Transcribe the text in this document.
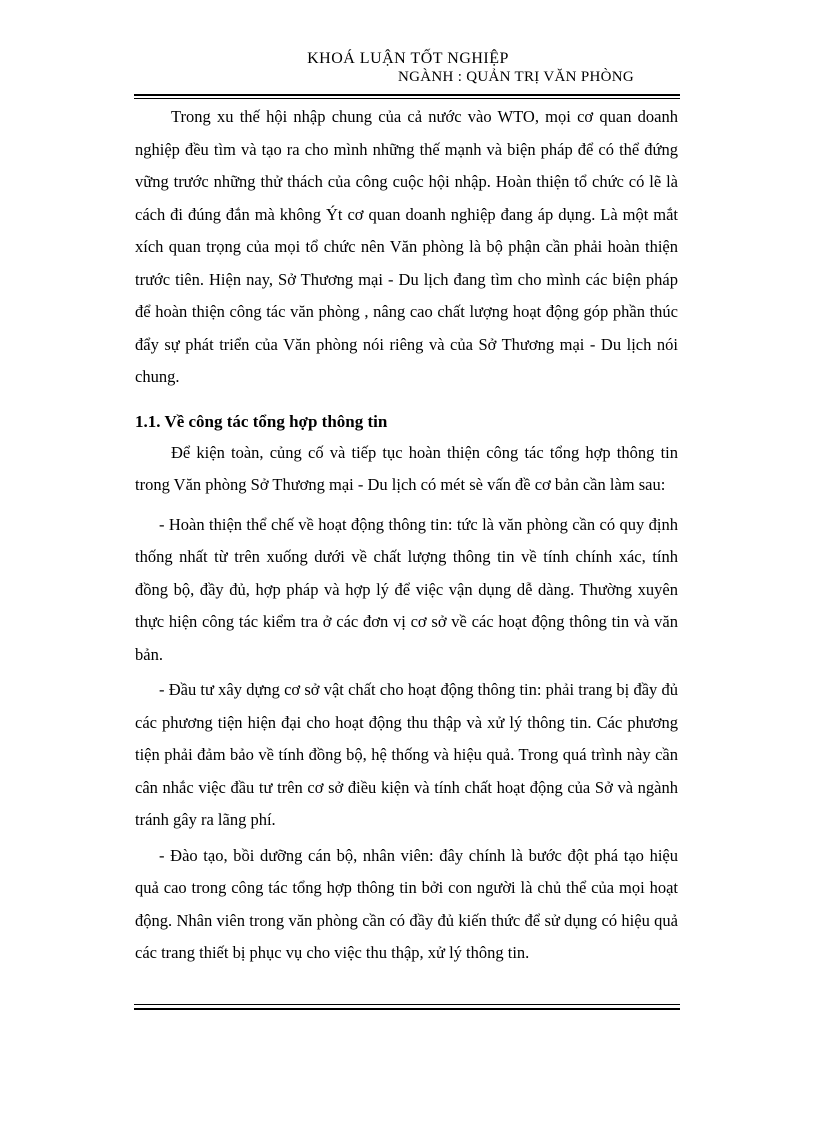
KHOÁ LUẬN TỐT NGHIỆP
NGÀNH : QUẢN TRỊ VĂN PHÒNG

Trong xu thế hội nhập chung của cả nước vào WTO, mọi cơ quan doanh nghiệp đều tìm và tạo ra cho mình những thế mạnh và biện pháp để có thể đứng vững trước những thử thách của công cuộc hội nhập. Hoàn thiện tổ chức có lẽ là cách đi đúng đắn mà không Ýt cơ quan doanh nghiệp đang áp dụng. Là một mắt xích quan trọng của mọi tổ chức nên Văn phòng là bộ phận cần phải hoàn thiện trước tiên. Hiện nay, Sở Thương mại - Du lịch đang tìm cho mình các biện pháp để hoàn thiện công tác văn phòng , nâng cao chất lượng hoạt động góp phần thúc đẩy sự phát triển của Văn phòng nói riêng và của Sở Thương mại - Du lịch nói chung.

1.1. Về công tác tổng hợp thông tin

Để kiện toàn, củng cố và tiếp tục hoàn thiện công tác tổng hợp thông tin trong Văn phòng Sở Thương mại - Du lịch có mét sè vấn đề cơ bản cần làm sau:

- Hoàn thiện thể chế về hoạt động thông tin: tức là văn phòng cần có quy định thống nhất từ trên xuống dưới về chất lượng thông tin về tính chính xác, tính đồng bộ, đầy đủ, hợp pháp và hợp lý để việc vận dụng dễ dàng. Thường xuyên thực hiện công tác kiểm tra ở các đơn vị cơ sở về các hoạt động thông tin và văn bản.

- Đầu tư xây dựng cơ sở vật chất cho hoạt động thông tin: phải trang bị đầy đủ các phương tiện hiện đại cho hoạt động thu thập và xử lý thông tin. Các phương tiện phải đảm bảo về tính đồng bộ, hệ thống và hiệu quả. Trong quá trình này cần cân nhắc việc đầu tư trên cơ sở điều kiện và tính chất hoạt động của Sở và ngành tránh gây ra lãng phí.

- Đào tạo, bồi dưỡng cán bộ, nhân viên: đây chính là bước đột phá tạo hiệu quả cao trong công tác tổng hợp thông tin bởi con người là chủ thể của mọi hoạt động. Nhân viên trong văn phòng cần có đầy đủ kiến thức để sử dụng có hiệu quả các trang thiết bị phục vụ cho việc thu thập, xử lý thông tin.
